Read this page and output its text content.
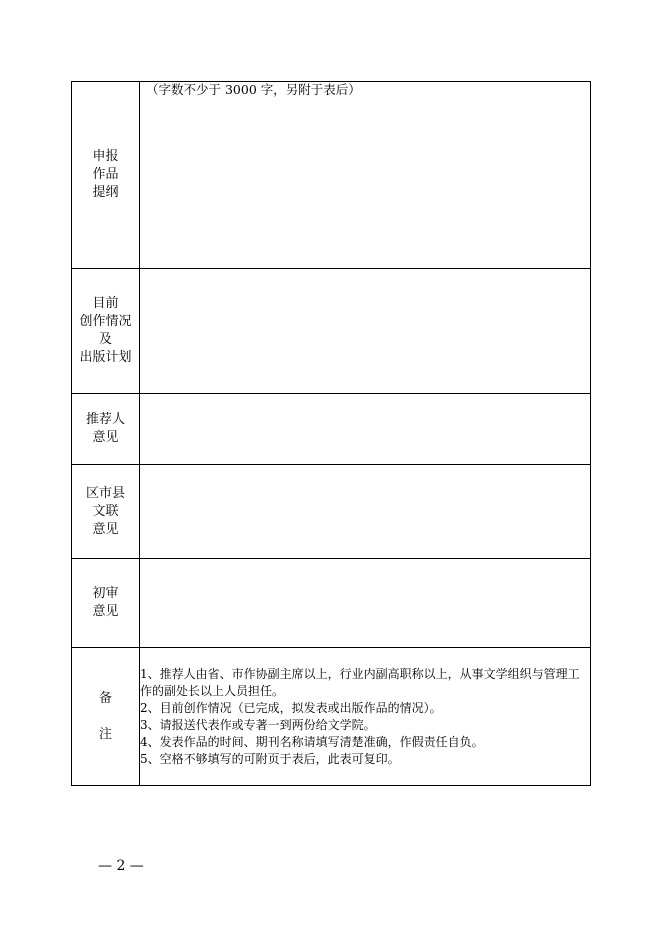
申报
作品
提纲	（字数不少于 3000 字，另附于表后）

目前
创作情况
及
出版计划	

推荐人
意见	

区市县
文联
意见	

初审
意见	

备
注	1、推荐人由省、市作协副主席以上，行业内副高职称以上，从事文学组织与管理工作的副处长以上人员担任。
2、目前创作情况（已完成，拟发表或出版作品的情况）。
3、请报送代表作或专著一到两份给文学院。
4、发表作品的时间、期刊名称请填写清楚准确，作假责任自负。
5、空格不够填写的可附页于表后，此表可复印。
— 2 —
